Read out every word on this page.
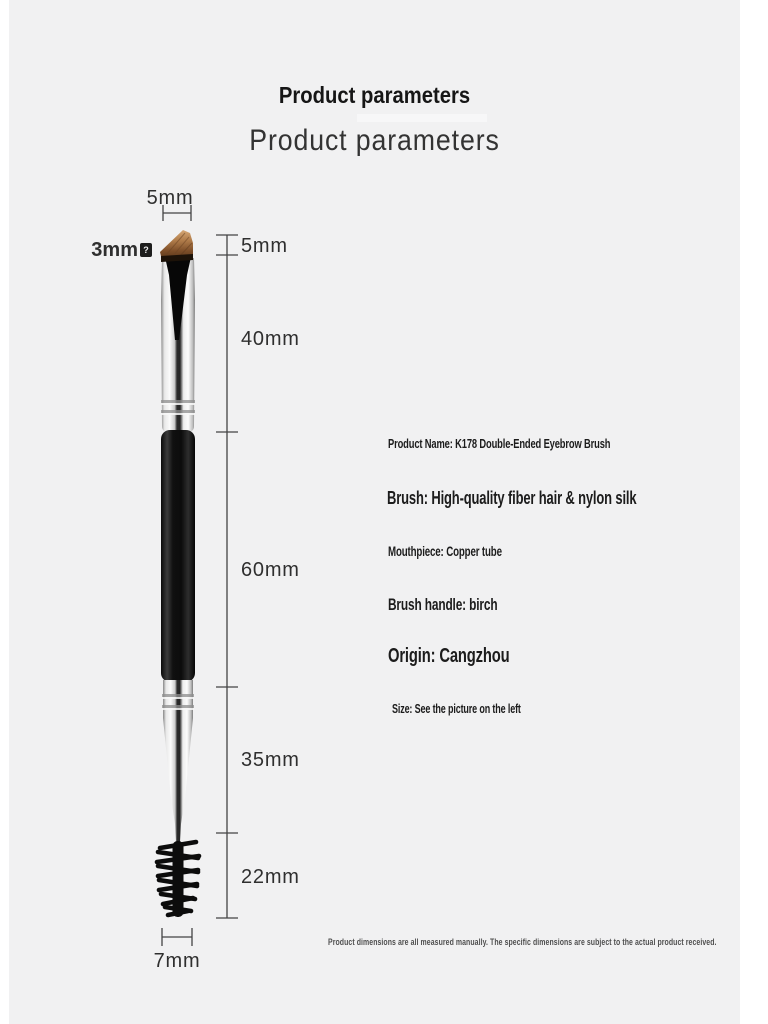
Product parameters
Product parameters
5mm
3mm ?	5mm
40mm
60mm
35mm
22mm
7mm
Product Name: K178 Double-Ended Eyebrow Brush
Brush: High-quality fiber hair & nylon silk
Mouthpiece: Copper tube
Brush handle: birch
Origin: Cangzhou
Size: See the picture on the left
Product dimensions are all measured manually. The specific dimensions are subject to the actual product received.
